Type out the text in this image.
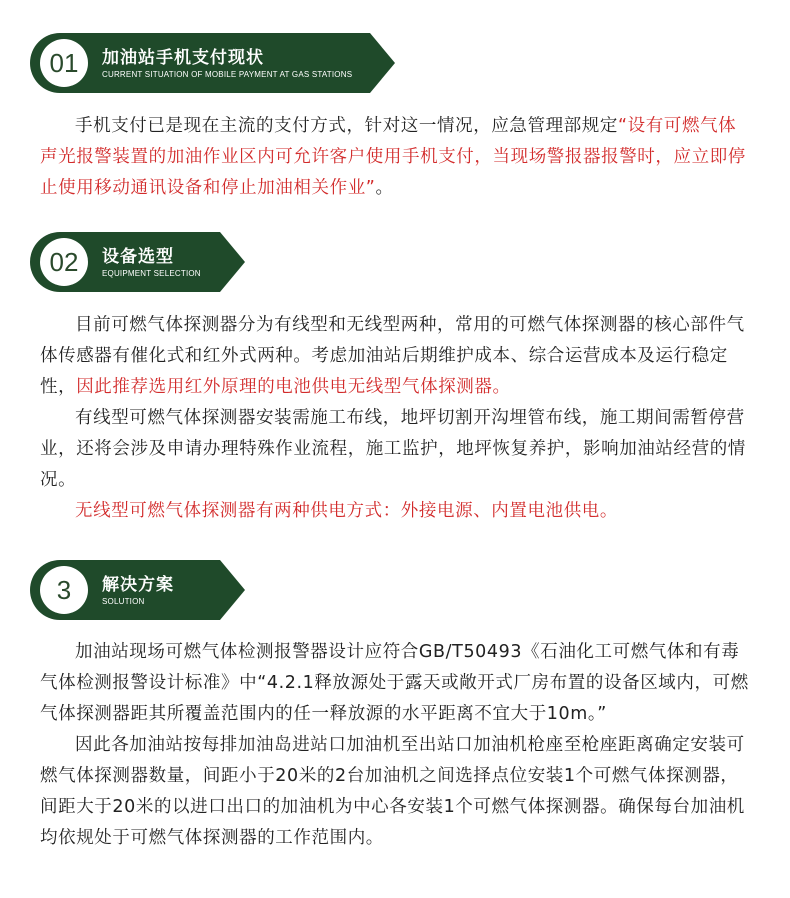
01	加油站手机支付现状
CURRENT SITUATION OF MOBILE PAYMENT AT GAS STATIONS

手机支付已是现在主流的支付方式，针对这一情况，应急管理部规定“设有可燃气体声光报警装置的加油作业区内可允许客户使用手机支付，当现场警报器报警时，应立即停止使用移动通讯设备和停止加油相关作业”。

02	设备选型
EQUIPMENT SELECTION

目前可燃气体探测器分为有线型和无线型两种，常用的可燃气体探测器的核心部件气体传感器有催化式和红外式两种。考虑加油站后期维护成本、综合运营成本及运行稳定性，因此推荐选用红外原理的电池供电无线型气体探测器。

有线型可燃气体探测器安装需施工布线，地坪切割开沟埋管布线，施工期间需暂停营业，还将会涉及申请办理特殊作业流程，施工监护，地坪恢复养护，影响加油站经营的情况。

无线型可燃气体探测器有两种供电方式：外接电源、内置电池供电。

3	解决方案
SOLUTION

加油站现场可燃气体检测报警器设计应符合GB/T50493《石油化工可燃气体和有毒气体检测报警设计标准》中“4.2.1释放源处于露天或敞开式厂房布置的设备区域内，可燃气体探测器距其所覆盖范围内的任一释放源的水平距离不宜大于10m。”

因此各加油站按每排加油岛进站口加油机至出站口加油机枪座至枪座距离确定安装可燃气体探测器数量，间距小于20米的2台加油机之间选择点位安装1个可燃气体探测器，间距大于20米的以进口出口的加油机为中心各安装1个可燃气体探测器。确保每台加油机均依规处于可燃气体探测器的工作范围内。
